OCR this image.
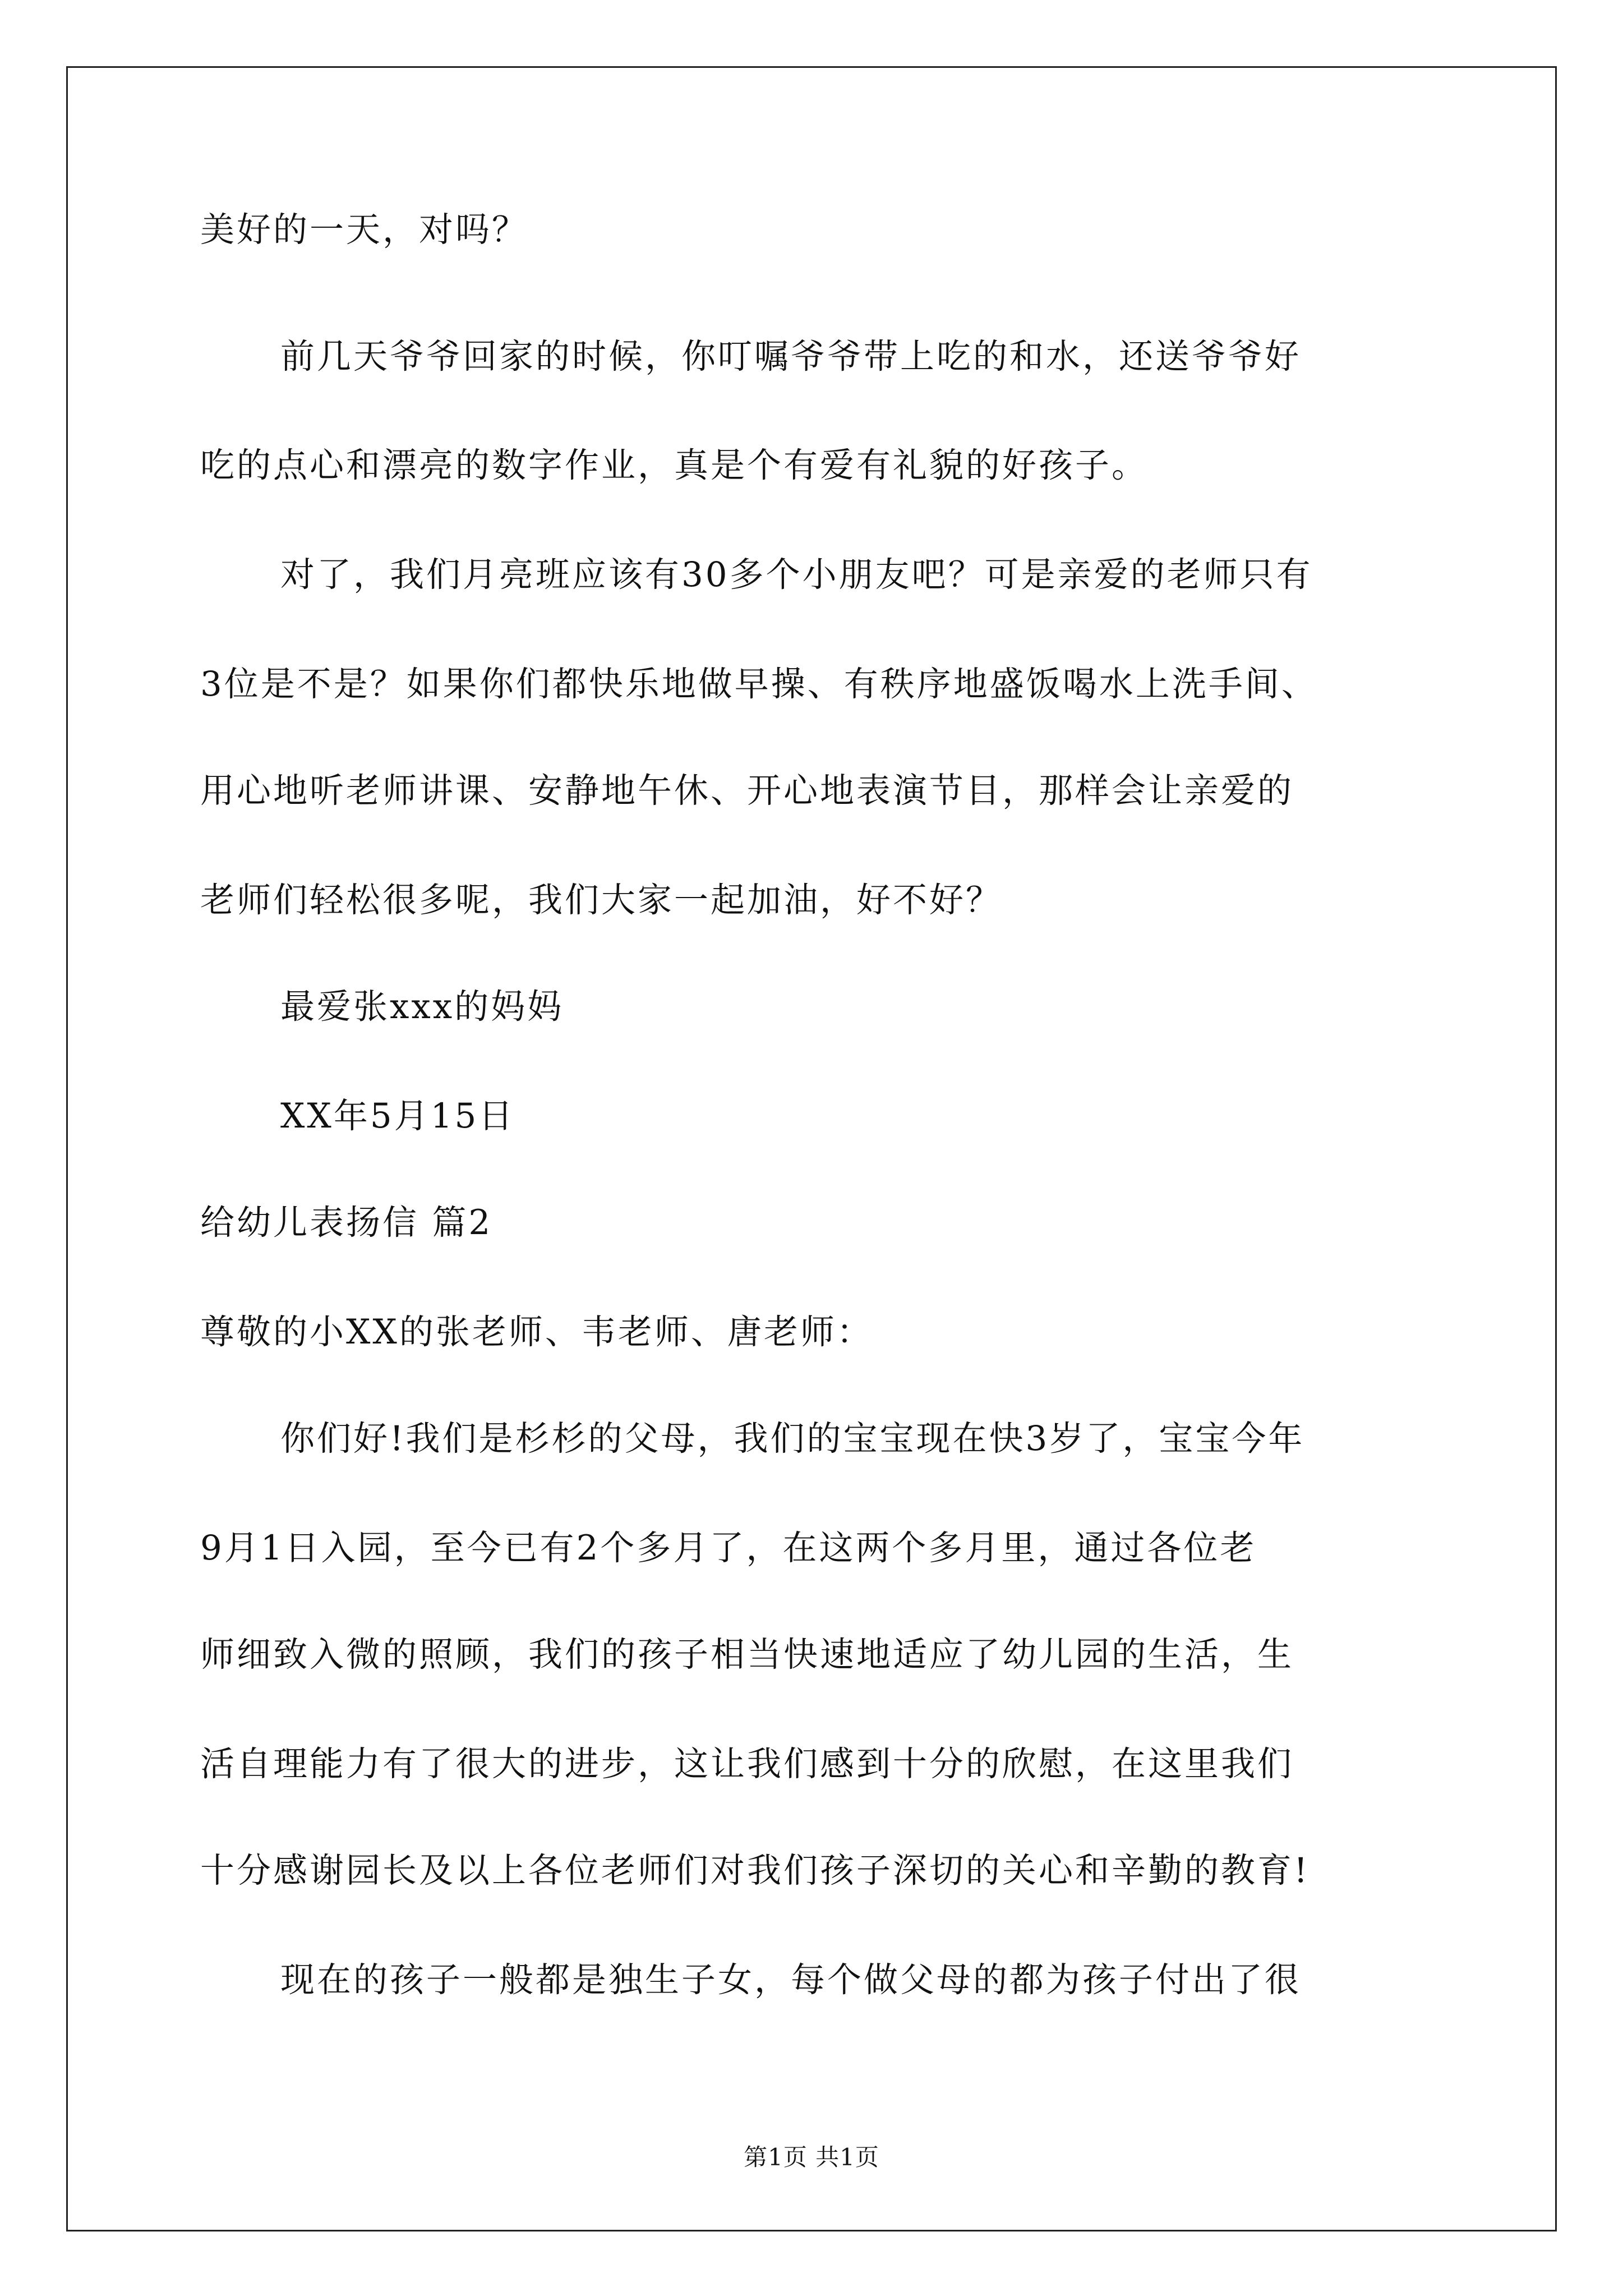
美好的一天，对吗？
前几天爷爷回家的时候，你叮嘱爷爷带上吃的和水，还送爷爷好
吃的点心和漂亮的数字作业，真是个有爱有礼貌的好孩子。
对了，我们月亮班应该有30多个小朋友吧？可是亲爱的老师只有
3位是不是？如果你们都快乐地做早操、有秩序地盛饭喝水上洗手间、
用心地听老师讲课、安静地午休、开心地表演节目，那样会让亲爱的
老师们轻松很多呢，我们大家一起加油，好不好？
最爱张xxx的妈妈
XX年5月15日
给幼儿表扬信 篇2
尊敬的小XX的张老师、韦老师、唐老师：
你们好!我们是杉杉的父母，我们的宝宝现在快3岁了，宝宝今年
9月1日入园，至今已有2个多月了，在这两个多月里，通过各位老
师细致入微的照顾，我们的孩子相当快速地适应了幼儿园的生活，生
活自理能力有了很大的进步，这让我们感到十分的欣慰，在这里我们
十分感谢园长及以上各位老师们对我们孩子深切的关心和辛勤的教育!
现在的孩子一般都是独生子女，每个做父母的都为孩子付出了很
第1页 共1页
